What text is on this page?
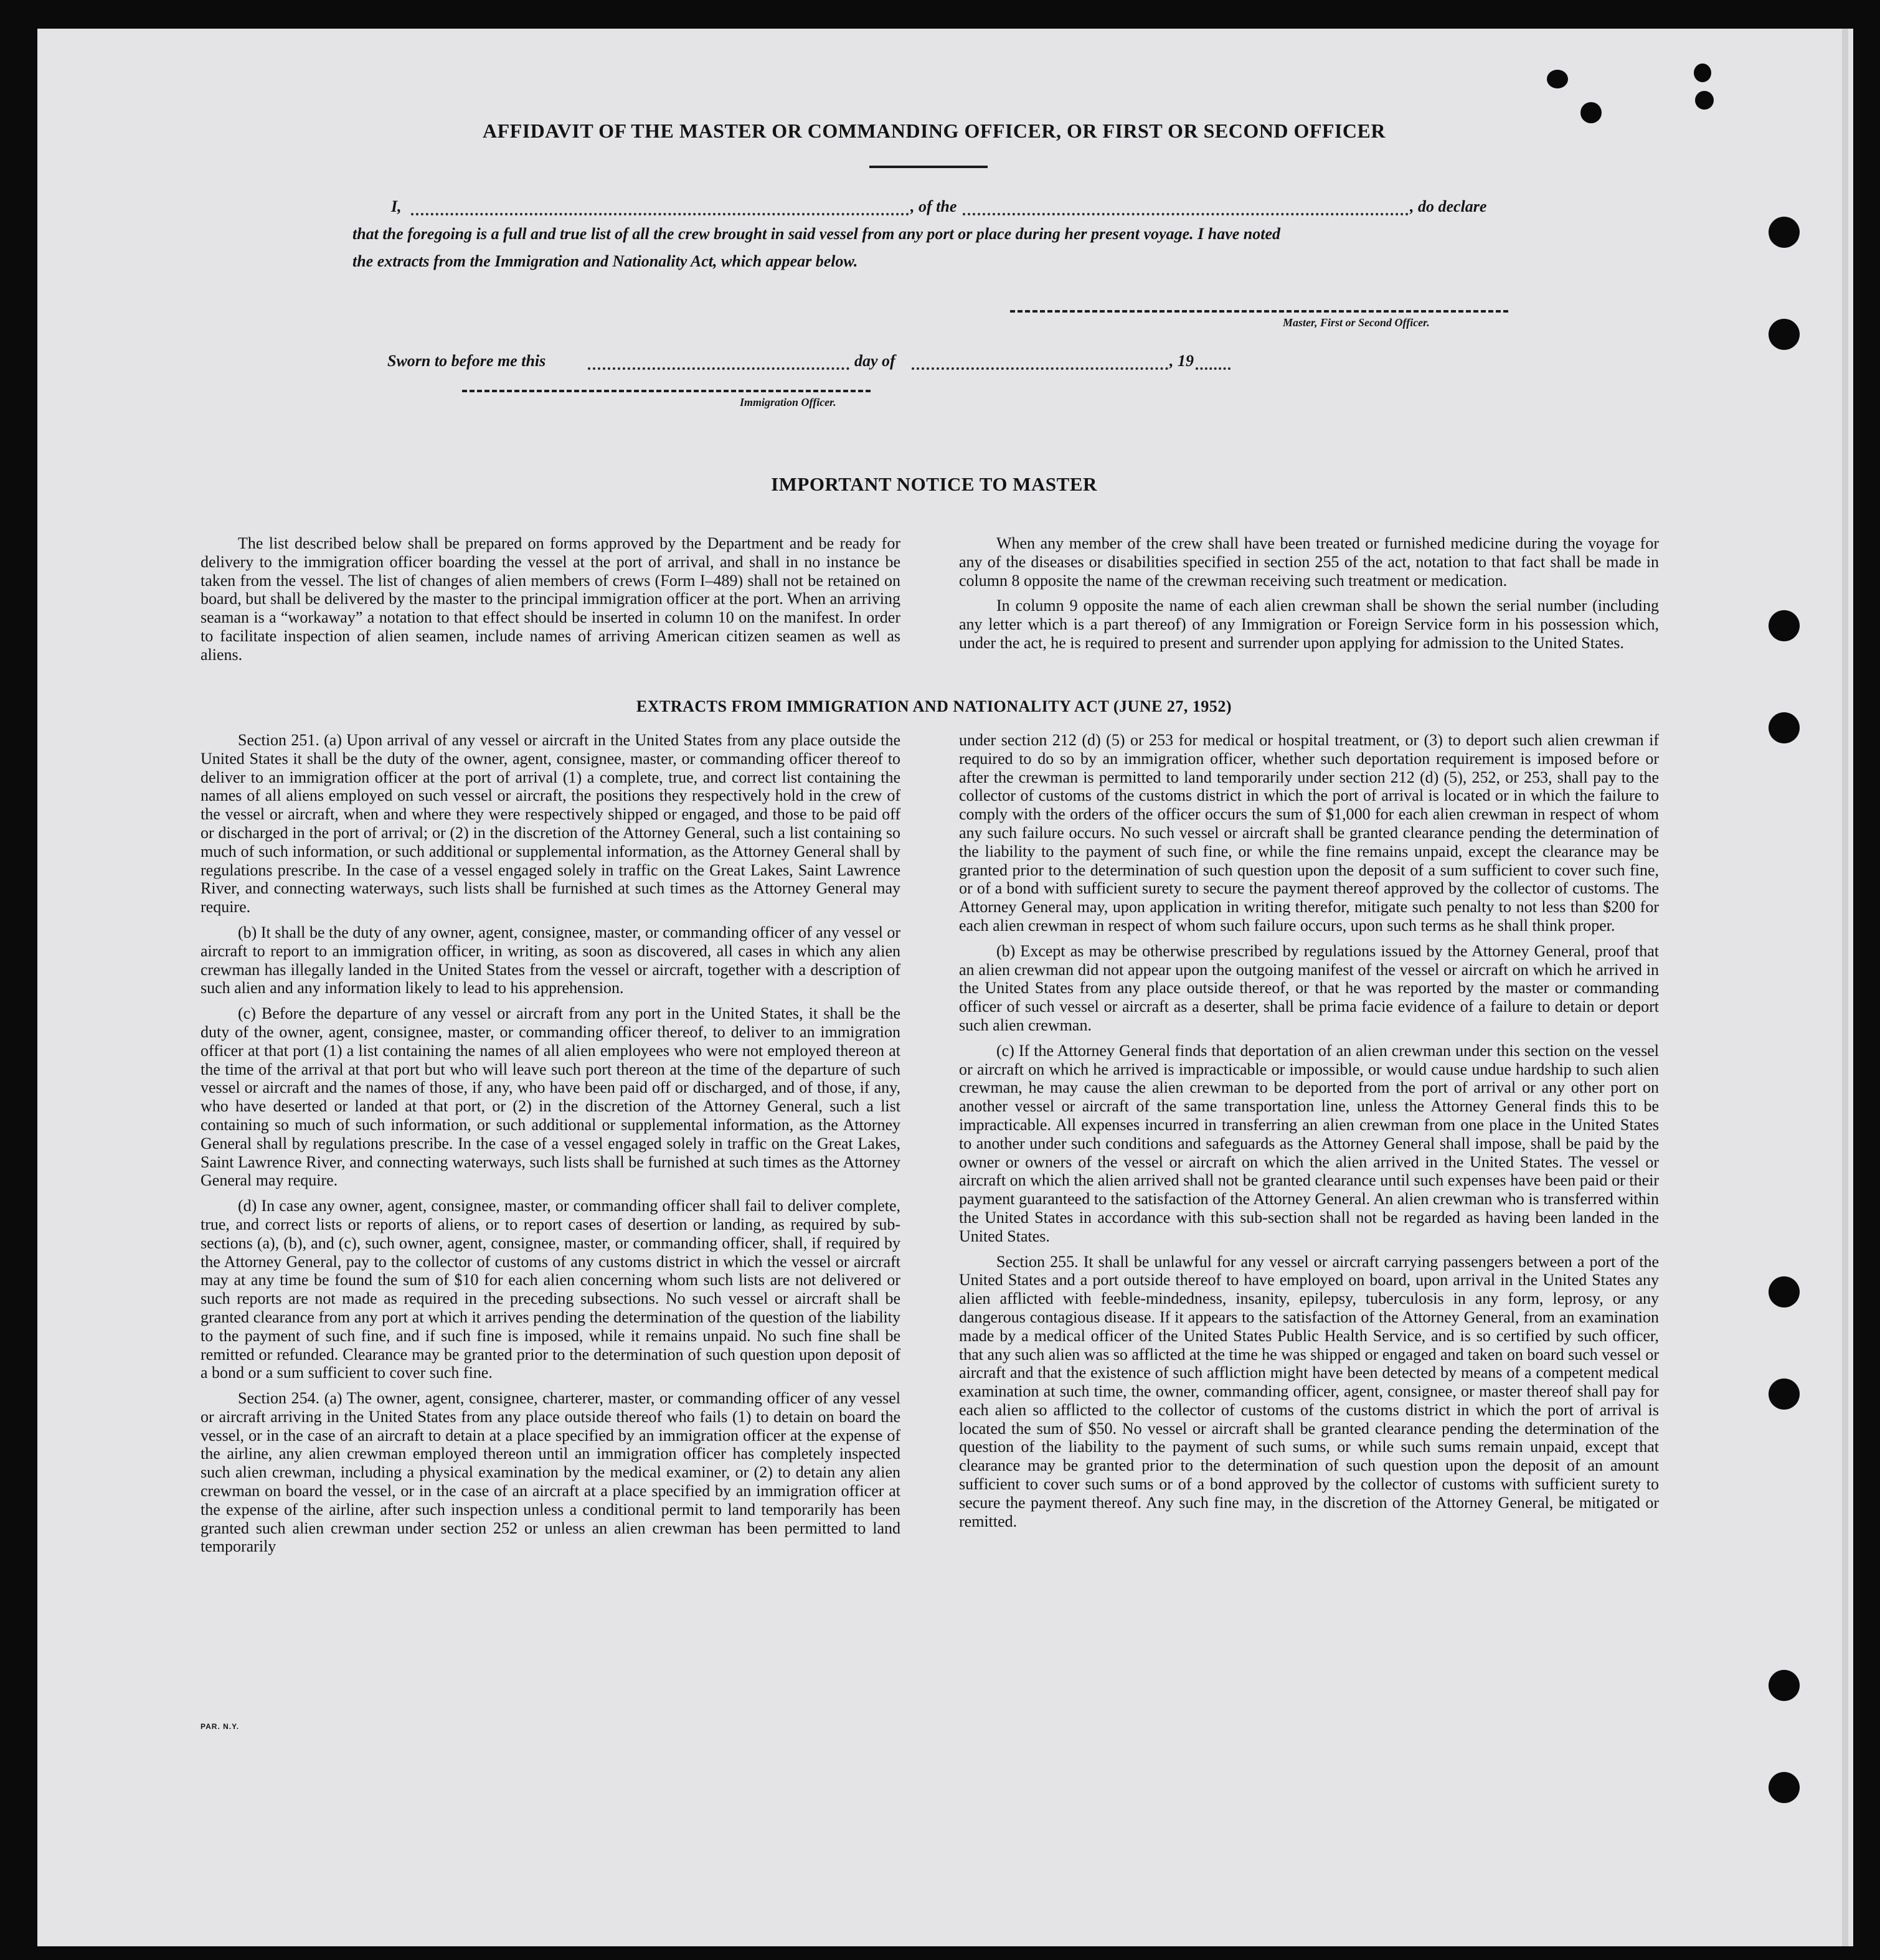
AFFIDAVIT OF THE MASTER OR COMMANDING OFFICER, OR FIRST OR SECOND OFFICER
I,	, of the	, do declare
that the foregoing is a full and true list of all the crew brought in said vessel from any port or place during her present voyage. I have noted
the extracts from the Immigration and Nationality Act, which appear below.
Master, First or Second Officer.
Sworn to before me this	day of	, 19
Immigration Officer.
IMPORTANT NOTICE TO MASTER

The list described below shall be prepared on forms approved by the Department and be ready for delivery to the immigration officer boarding the vessel at the port of arrival, and shall in no instance be taken from the vessel. The list of changes of alien members of crews (Form I–489) shall not be retained on board, but shall be delivered by the master to the principal immigration officer at the port. When an arriving seaman is a “workaway” a notation to that effect should be inserted in column 10 on the manifest. In order to facilitate inspection of alien seamen, include names of arriving American citizen seamen as well as aliens.

When any member of the crew shall have been treated or furnished medicine during the voyage for any of the diseases or disabilities specified in section 255 of the act, notation to that fact shall be made in column 8 opposite the name of the crewman receiving such treatment or medication.

In column 9 opposite the name of each alien crewman shall be shown the serial number (including any letter which is a part thereof) of any Immigration or Foreign Service form in his possession which, under the act, he is required to present and surrender upon applying for admission to the United States.

EXTRACTS FROM IMMIGRATION AND NATIONALITY ACT (JUNE 27, 1952)

Section 251. (a) Upon arrival of any vessel or aircraft in the United States from any place outside the United States it shall be the duty of the owner, agent, consignee, master, or commanding officer thereof to deliver to an immigration officer at the port of arrival (1) a complete, true, and correct list containing the names of all aliens employed on such vessel or aircraft, the positions they respectively hold in the crew of the vessel or aircraft, when and where they were respectively shipped or engaged, and those to be paid off or discharged in the port of arrival; or (2) in the discretion of the Attorney General, such a list containing so much of such information, or such additional or supplemental information, as the Attorney General shall by regulations prescribe. In the case of a vessel engaged solely in traffic on the Great Lakes, Saint Lawrence River, and connecting waterways, such lists shall be furnished at such times as the Attorney General may require.

(b) It shall be the duty of any owner, agent, consignee, master, or commanding officer of any vessel or aircraft to report to an immigration officer, in writing, as soon as discovered, all cases in which any alien crewman has illegally landed in the United States from the vessel or aircraft, together with a description of such alien and any information likely to lead to his apprehension.

(c) Before the departure of any vessel or aircraft from any port in the United States, it shall be the duty of the owner, agent, consignee, master, or commanding officer thereof, to deliver to an immigration officer at that port (1) a list containing the names of all alien employees who were not employed thereon at the time of the arrival at that port but who will leave such port thereon at the time of the departure of such vessel or aircraft and the names of those, if any, who have been paid off or discharged, and of those, if any, who have deserted or landed at that port, or (2) in the discretion of the Attorney General, such a list containing so much of such information, or such additional or supplemental information, as the Attorney General shall by regulations prescribe. In the case of a vessel engaged solely in traffic on the Great Lakes, Saint Lawrence River, and connecting waterways, such lists shall be furnished at such times as the Attorney General may require.

(d) In case any owner, agent, consignee, master, or commanding officer shall fail to deliver complete, true, and correct lists or reports of aliens, or to report cases of desertion or landing, as required by sub-sections (a), (b), and (c), such owner, agent, consignee, master, or commanding officer, shall, if required by the Attorney General, pay to the collector of customs of any customs district in which the vessel or aircraft may at any time be found the sum of $10 for each alien concerning whom such lists are not delivered or such reports are not made as required in the preceding subsections. No such vessel or aircraft shall be granted clearance from any port at which it arrives pending the determination of the question of the liability to the payment of such fine, and if such fine is imposed, while it remains unpaid. No such fine shall be remitted or refunded. Clearance may be granted prior to the determination of such question upon deposit of a bond or a sum sufficient to cover such fine.

Section 254. (a) The owner, agent, consignee, charterer, master, or commanding officer of any vessel or aircraft arriving in the United States from any place outside thereof who fails (1) to detain on board the vessel, or in the case of an aircraft to detain at a place specified by an immigration officer at the expense of the airline, any alien crewman employed thereon until an immigration officer has completely inspected such alien crewman, including a physical examination by the medical examiner, or (2) to detain any alien crewman on board the vessel, or in the case of an aircraft at a place specified by an immigration officer at the expense of the airline, after such inspection unless a conditional permit to land temporarily has been granted such alien crewman under section 252 or unless an alien crewman has been permitted to land temporarily

under section 212 (d) (5) or 253 for medical or hospital treatment, or (3) to deport such alien crewman if required to do so by an immigration officer, whether such deportation requirement is imposed before or after the crewman is permitted to land temporarily under section 212 (d) (5), 252, or 253, shall pay to the collector of customs of the customs district in which the port of arrival is located or in which the failure to comply with the orders of the officer occurs the sum of $1,000 for each alien crewman in respect of whom any such failure occurs. No such vessel or aircraft shall be granted clearance pending the determination of the liability to the payment of such fine, or while the fine remains unpaid, except the clearance may be granted prior to the determination of such question upon the deposit of a sum sufficient to cover such fine, or of a bond with sufficient surety to secure the payment thereof approved by the collector of customs. The Attorney General may, upon application in writing therefor, mitigate such penalty to not less than $200 for each alien crewman in respect of whom such failure occurs, upon such terms as he shall think proper.

(b) Except as may be otherwise prescribed by regulations issued by the Attorney General, proof that an alien crewman did not appear upon the outgoing manifest of the vessel or aircraft on which he arrived in the United States from any place outside thereof, or that he was reported by the master or commanding officer of such vessel or aircraft as a deserter, shall be prima facie evidence of a failure to detain or deport such alien crewman.

(c) If the Attorney General finds that deportation of an alien crewman under this section on the vessel or aircraft on which he arrived is impracticable or impossible, or would cause undue hardship to such alien crewman, he may cause the alien crewman to be deported from the port of arrival or any other port on another vessel or aircraft of the same transportation line, unless the Attorney General finds this to be impracticable. All expenses incurred in transferring an alien crewman from one place in the United States to another under such conditions and safeguards as the Attorney General shall impose, shall be paid by the owner or owners of the vessel or aircraft on which the alien arrived in the United States. The vessel or aircraft on which the alien arrived shall not be granted clearance until such expenses have been paid or their payment guaranteed to the satisfaction of the Attorney General. An alien crewman who is transferred within the United States in accordance with this sub-section shall not be regarded as having been landed in the United States.

Section 255. It shall be unlawful for any vessel or aircraft carrying passengers between a port of the United States and a port outside thereof to have employed on board, upon arrival in the United States any alien afflicted with feeble-mindedness, insanity, epilepsy, tuberculosis in any form, leprosy, or any dangerous contagious disease. If it appears to the satisfaction of the Attorney General, from an examination made by a medical officer of the United States Public Health Service, and is so certified by such officer, that any such alien was so afflicted at the time he was shipped or engaged and taken on board such vessel or aircraft and that the existence of such affliction might have been detected by means of a competent medical examination at such time, the owner, commanding officer, agent, consignee, or master thereof shall pay for each alien so afflicted to the collector of customs of the customs district in which the port of arrival is located the sum of $50. No vessel or aircraft shall be granted clearance pending the determination of the question of the liability to the payment of such sums, or while such sums remain unpaid, except that clearance may be granted prior to the determination of such question upon the deposit of an amount sufficient to cover such sums or of a bond approved by the collector of customs with sufficient surety to secure the payment thereof. Any such fine may, in the discretion of the Attorney General, be mitigated or remitted.

PAR. N.Y.
